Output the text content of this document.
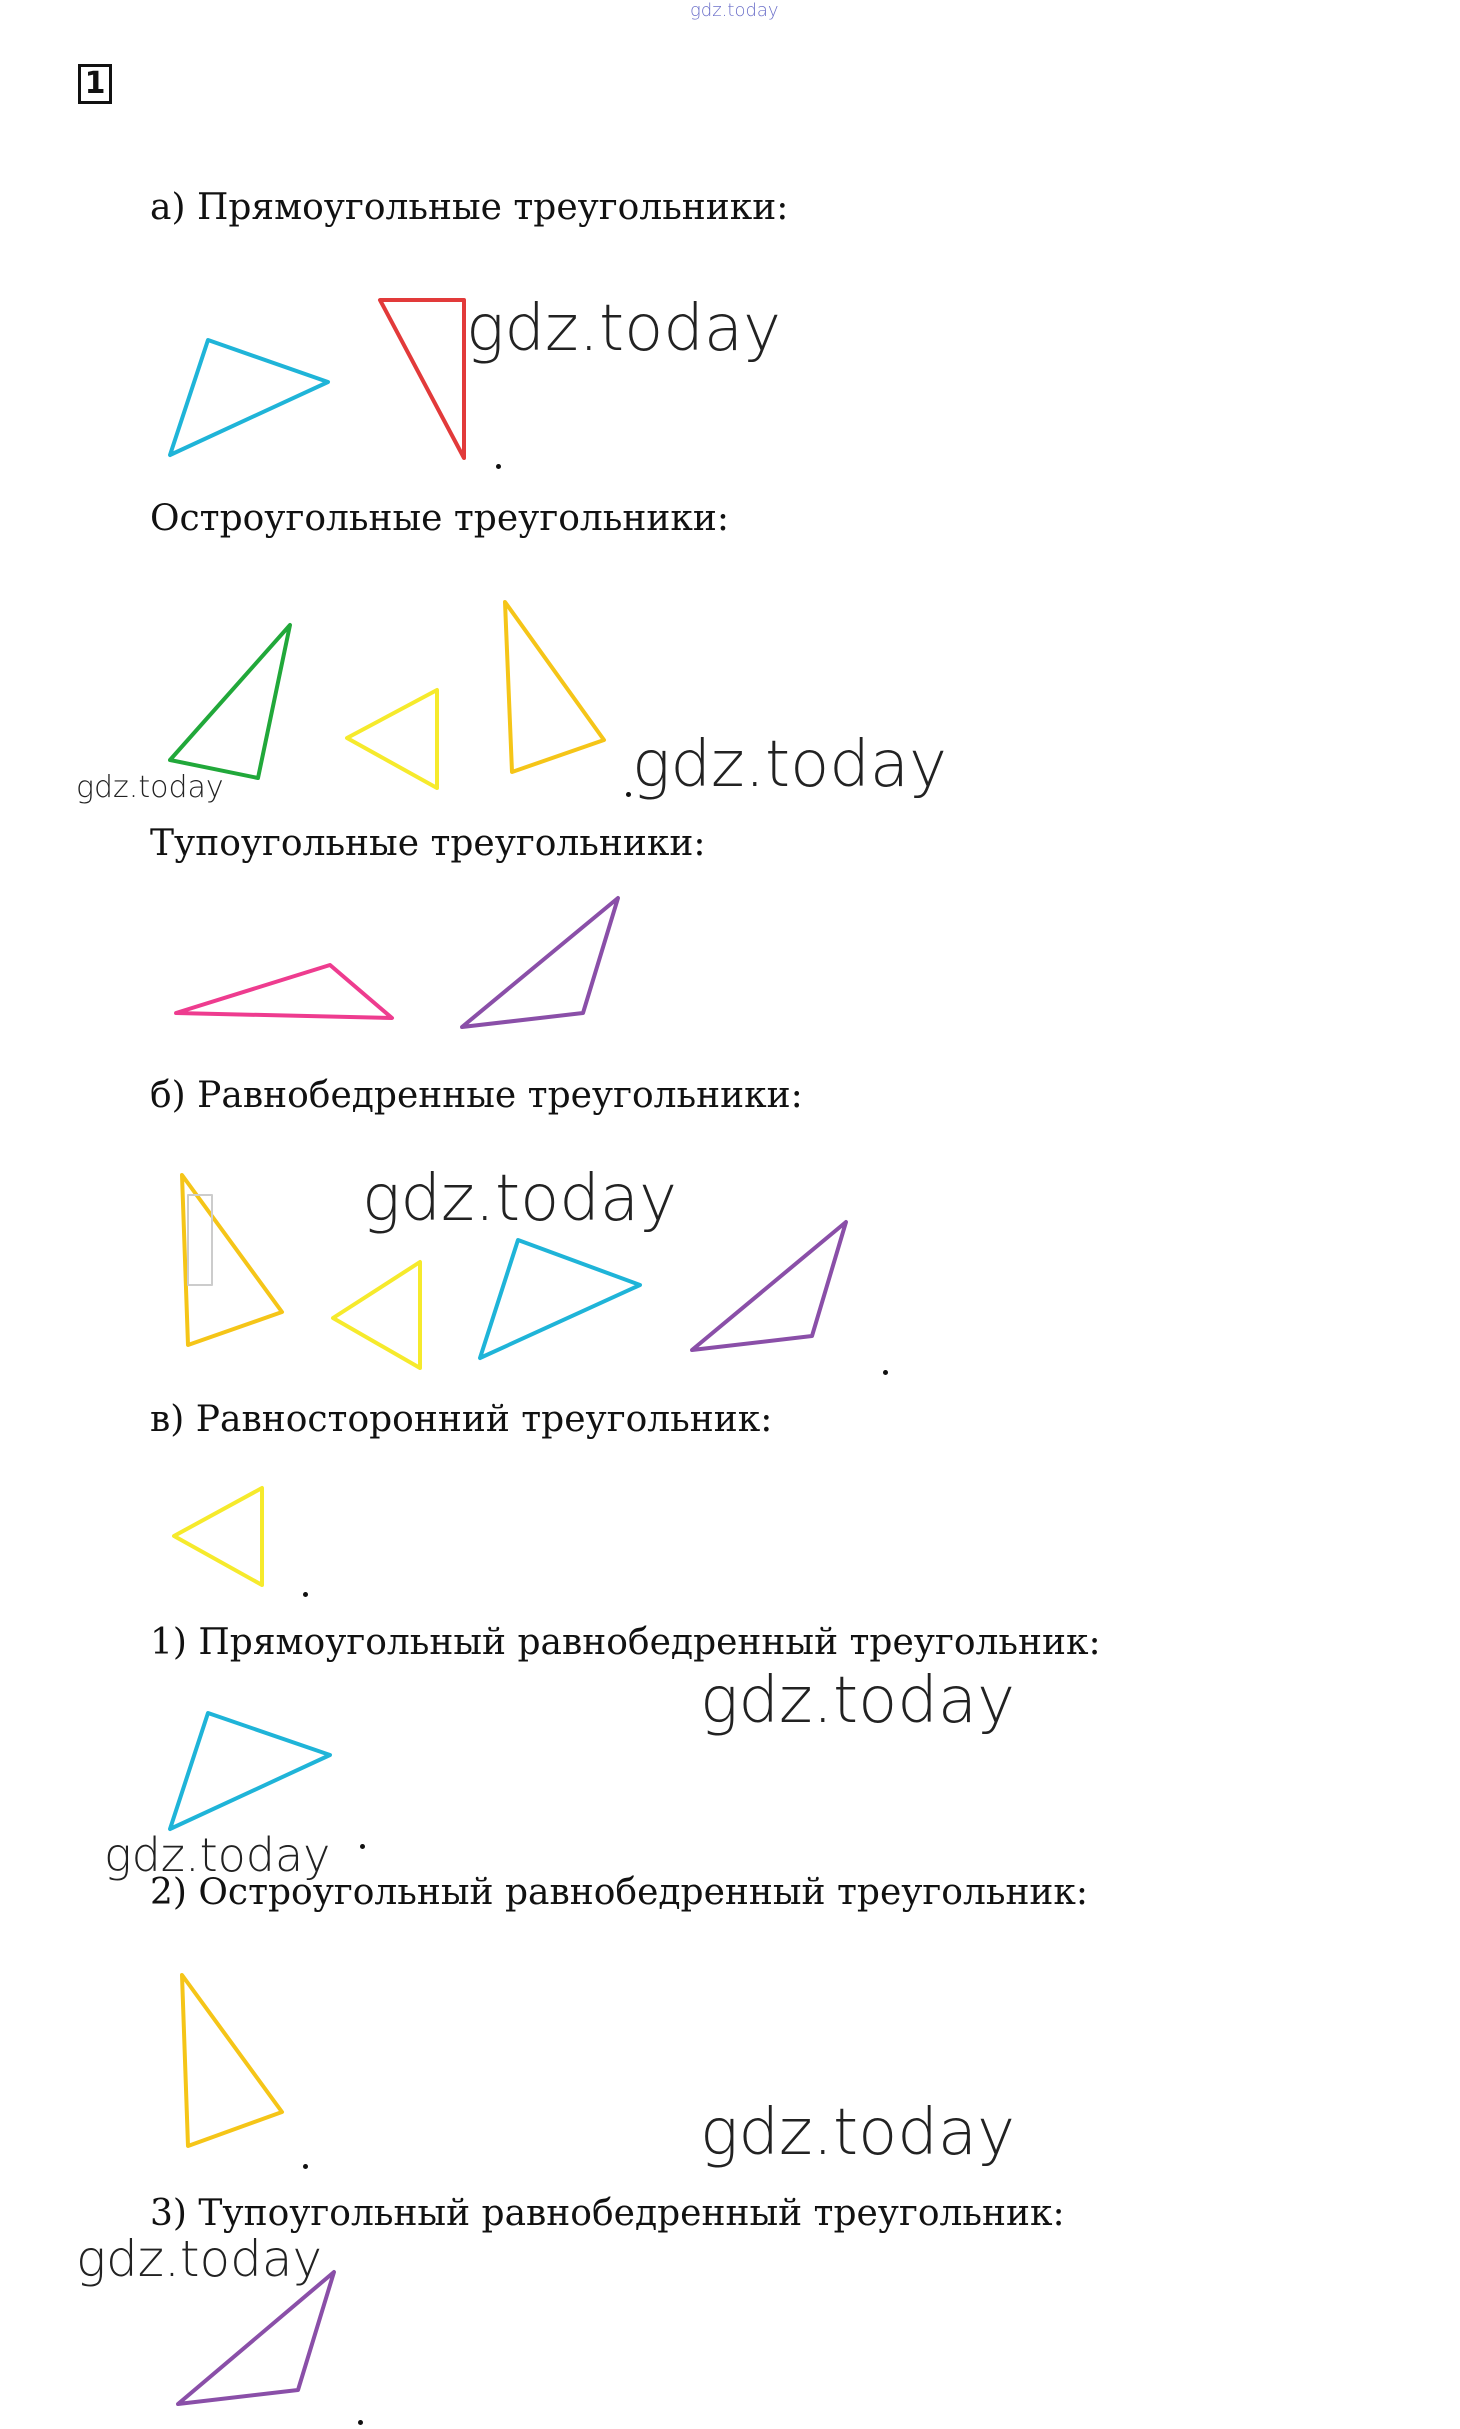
gdz.today
1
а) Прямоугольные треугольники:
Остроугольные треугольники:
Тупоугольные треугольники:
б) Равнобедренные треугольники:
в) Равносторонний треугольник:
1) Прямоугольный равнобедренный треугольник:
2) Остроугольный равнобедренный треугольник:
3) Тупоугольный равнобедренный треугольник:
gdz.today
gdz.today
gdz.today
gdz.today
gdz.today
gdz.today
gdz.today
gdz.today
